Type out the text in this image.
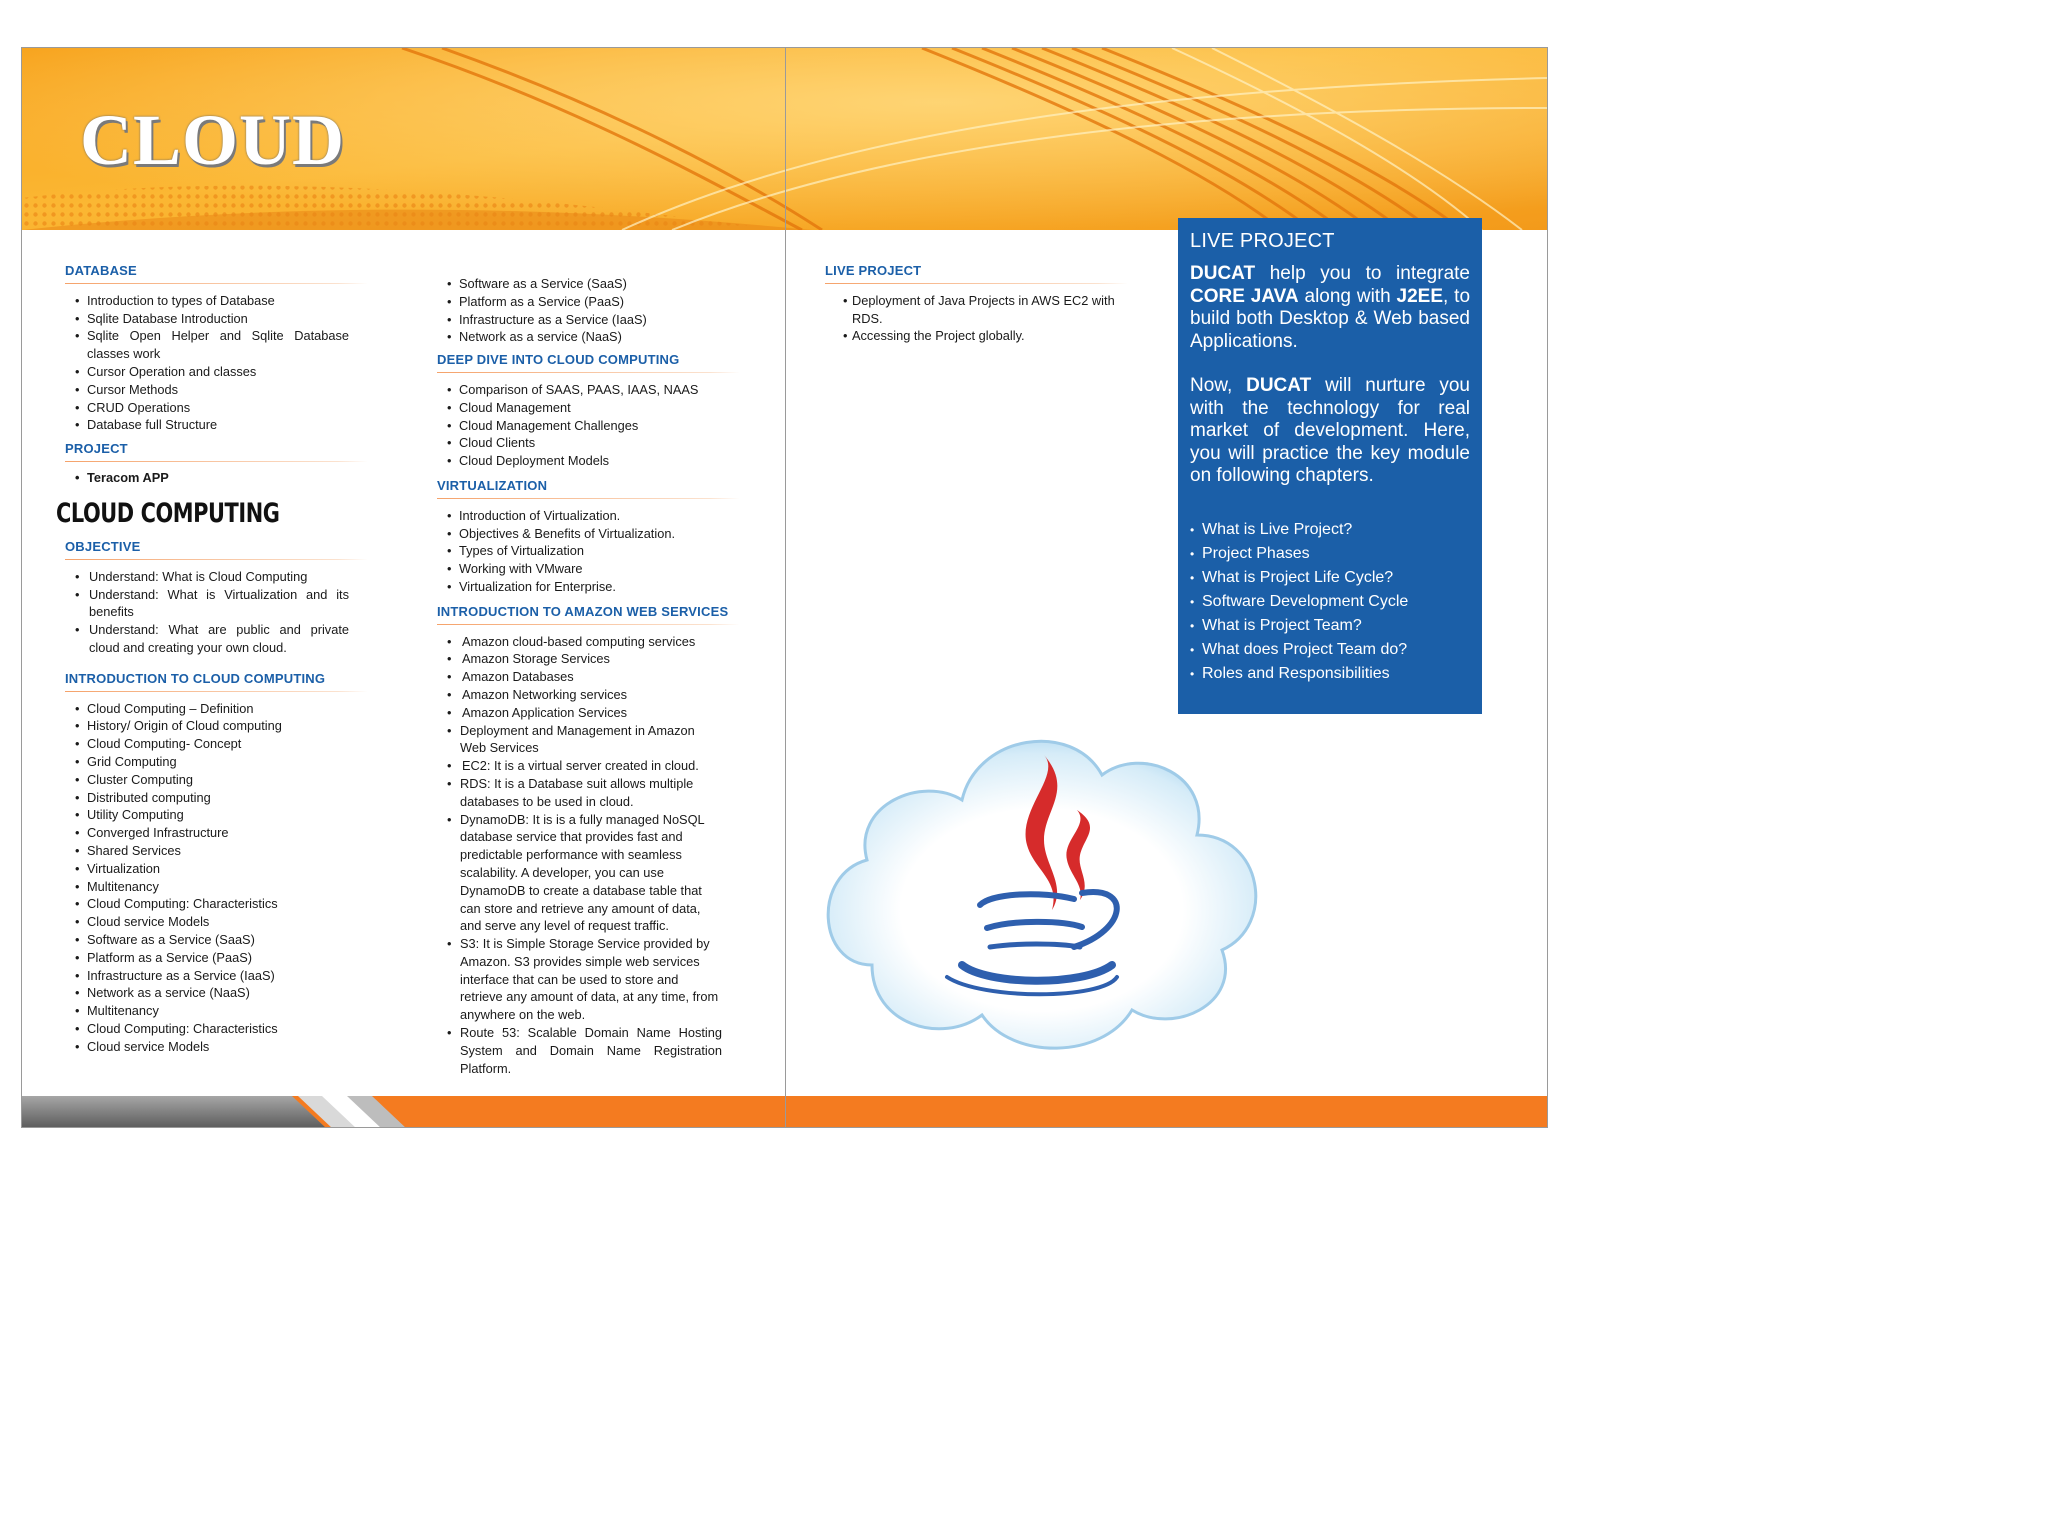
CLOUD
4	5
DATABASE
• Introduction to types of Database
• Sqlite Database Introduction
• Sqlite Open Helper and Sqlite Database classes work
• Cursor Operation and classes
• Cursor Methods
• CRUD Operations
• Database full Structure
PROJECT
• Teracom APP
CLOUD COMPUTING
OBJECTIVE
• Understand: What is Cloud Computing
• Understand: What is Virtualization and its benefits
• Understand: What are public and private cloud and creating your own cloud.
INTRODUCTION TO CLOUD COMPUTING
• Cloud Computing – Definition
• History/ Origin of Cloud computing
• Cloud Computing- Concept
• Grid Computing
• Cluster Computing
• Distributed computing
• Utility Computing
• Converged Infrastructure
• Shared Services
• Virtualization
• Multitenancy
• Cloud Computing: Characteristics
• Cloud service Models
• Software as a Service (SaaS)
• Platform as a Service (PaaS)
• Infrastructure as a Service (IaaS)
• Network as a service (NaaS)
• Multitenancy
• Cloud Computing: Characteristics
• Cloud service Models
• Software as a Service (SaaS)
• Platform as a Service (PaaS)
• Infrastructure as a Service (IaaS)
• Network as a service (NaaS)
DEEP DIVE INTO CLOUD COMPUTING
• Comparison of SAAS, PAAS, IAAS, NAAS
• Cloud Management
• Cloud Management Challenges
• Cloud Clients
• Cloud Deployment Models
VIRTUALIZATION
• Introduction of Virtualization.
• Objectives & Benefits of Virtualization.
• Types of Virtualization
• Working with VMware
• Virtualization for Enterprise.
INTRODUCTION TO AMAZON WEB SERVICES
• Amazon cloud-based computing services
• Amazon Storage Services
• Amazon Databases
• Amazon Networking services
• Amazon Application Services
• Deployment and Management in Amazon Web Services
• EC2: It is a virtual server created in cloud.
• RDS: It is a Database suit allows multiple databases to be used in cloud.
• DynamoDB: It is is a fully managed NoSQL database service that provides fast and predictable performance with seamless scalability. A developer, you can use DynamoDB to create a database table that can store and retrieve any amount of data, and serve any level of request traffic.
• S3: It is Simple Storage Service provided by Amazon. S3 provides simple web services interface that can be used to store and retrieve any amount of data, at any time, from anywhere on the web.
• Route 53: Scalable Domain Name Hosting System and Domain Name Registration Platform.
LIVE PROJECT
• Deployment of Java Projects in AWS EC2 with RDS.
• Accessing the Project globally.
LIVE PROJECT

DUCAT help you to integrate CORE JAVA along with J2EE, to build both Desktop & Web based Applications.

Now, DUCAT will nurture you with the technology for real market of development. Here, you will practice the key module on following chapters.

• What is Live Project?
• Project Phases
• What is Project Life Cycle?
• Software Development Cycle
• What is Project Team?
• What does Project Team do?
• Roles and Responsibilities
